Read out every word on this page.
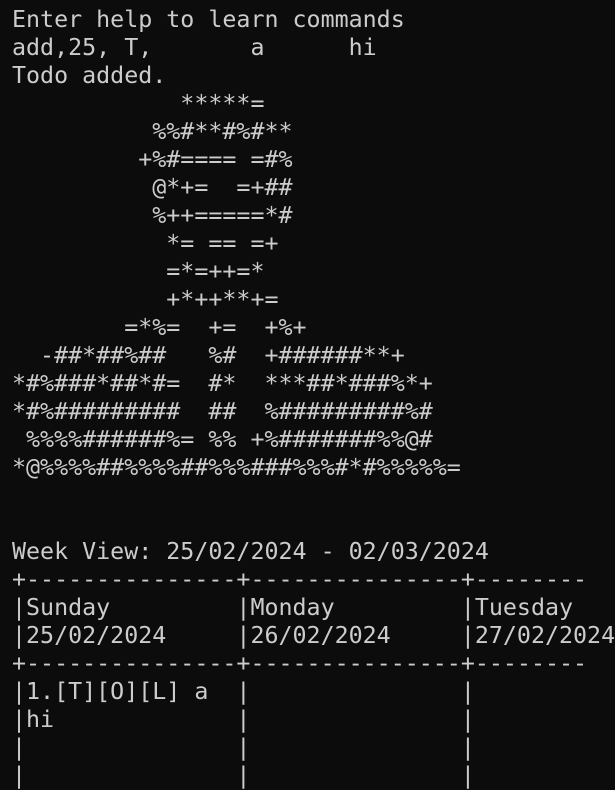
Enter help to learn commands
add,25, T,       a      hi
Todo added.
*****=
%%#**#%#**
+%#==== =#%
@*+=  =+##
%++=====*#
*= == =+
=*=++=*
+*++**+=
=*%=  +=  +%+
-##*##%##   %#  +######**+
*#%###*##*#=  #*  ***##*###%*+
*#%#########  ##  %#########%#
%%%%######%= %% +%#######%%@#
*@%%%%##%%%%##%%%###%%%#*#%%%%%=
Week View: 25/02/2024 - 02/03/2024
+---------------+---------------+--------
|Sunday         |Monday         |Tuesday
|25/02/2024     |26/02/2024     |27/02/2024
+---------------+---------------+--------
|1.[T][O][L] a  |               |
|hi             |               |
|               |               |
|               |               |
